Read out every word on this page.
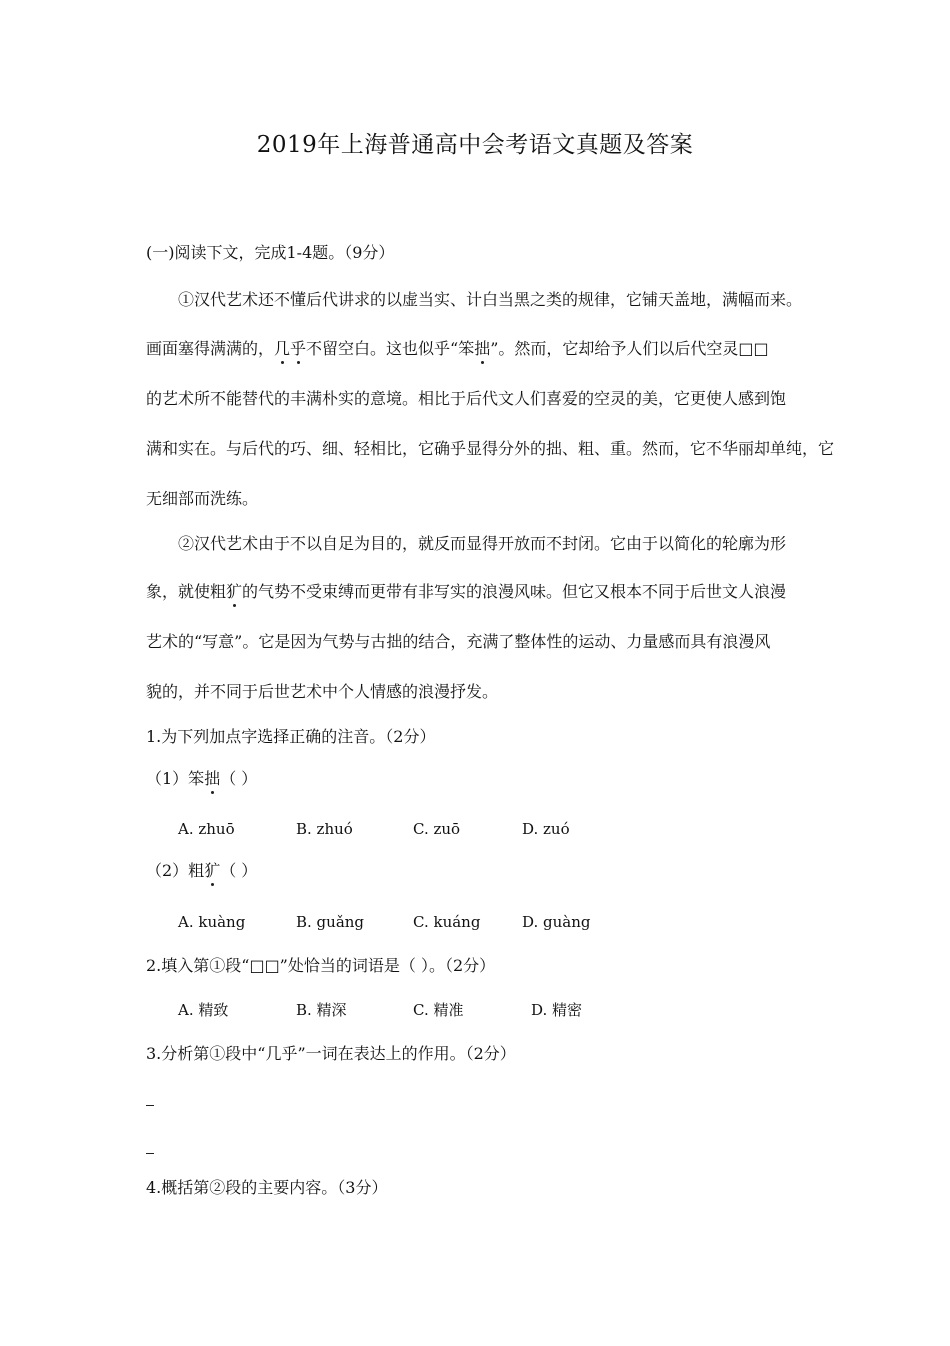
2019年上海普通高中会考语文真题及答案
(一)阅读下文，完成1-4题。（9分）
①汉代艺术还不懂后代讲求的以虚当实、计白当黑之类的规律，它铺天盖地，满幅而来。
画面塞得满满的，几乎不留空白。这也似乎“笨拙”。然而，它却给予人们以后代空灵□□
的艺术所不能替代的丰满朴实的意境。相比于后代文人们喜爱的空灵的美，它更使人感到饱
满和实在。与后代的巧、细、轻相比，它确乎显得分外的拙、粗、重。然而，它不华丽却单纯，它
无细部而洗练。
②汉代艺术由于不以自足为目的，就反而显得开放而不封闭。它由于以简化的轮廓为形
象，就使粗犷的气势不受束缚而更带有非写实的浪漫风味。但它又根本不同于后世文人浪漫
艺术的“写意”。它是因为气势与古拙的结合，充满了整体性的运动、力量感而具有浪漫风
貌的，并不同于后世艺术中个人情感的浪漫抒发。
1.为下列加点字选择正确的注音。（2分）
（1）笨拙（ ）
A. zhuō	B. zhuó	C. zuō	D. zuó
（2）粗犷（ ）
A. kuàng	B. guǎng	C. kuáng	D. guàng
2.填入第①段“□□”处恰当的词语是（ ）。（2分）
A. 精致	B. 精深	C. 精准	D. 精密
3.分析第①段中“几乎”一词在表达上的作用。（2分）
4.概括第②段的主要内容。（3分）
